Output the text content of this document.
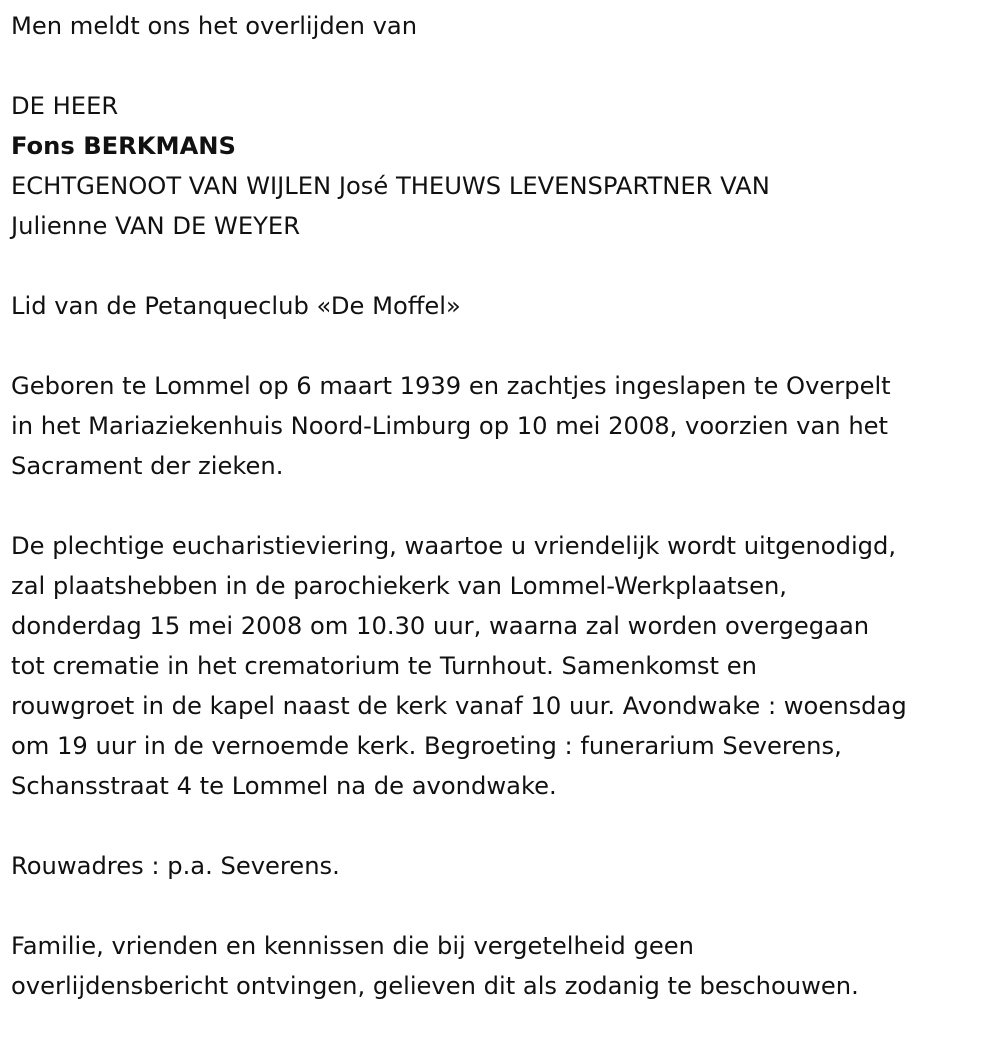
Men meldt ons het overlijden van

DE HEER

Fons BERKMANS

ECHTGENOOT VAN WIJLEN José THEUWS LEVENSPARTNER VAN

Julienne VAN DE WEYER

Lid van de Petanqueclub «De Moffel»

Geboren te Lommel op 6 maart 1939 en zachtjes ingeslapen te Overpelt

in het Mariaziekenhuis Noord-Limburg op 10 mei 2008, voorzien van het

Sacrament der zieken.

De plechtige eucharistieviering, waartoe u vriendelijk wordt uitgenodigd,

zal plaatshebben in de parochiekerk van Lommel-Werkplaatsen,

donderdag 15 mei 2008 om 10.30 uur, waarna zal worden overgegaan

tot crematie in het crematorium te Turnhout. Samenkomst en

rouwgroet in de kapel naast de kerk vanaf 10 uur. Avondwake : woensdag

om 19 uur in de vernoemde kerk. Begroeting : funerarium Severens,

Schansstraat 4 te Lommel na de avondwake.

Rouwadres : p.a. Severens.

Familie, vrienden en kennissen die bij vergetelheid geen

overlijdensbericht ontvingen, gelieven dit als zodanig te beschouwen.
